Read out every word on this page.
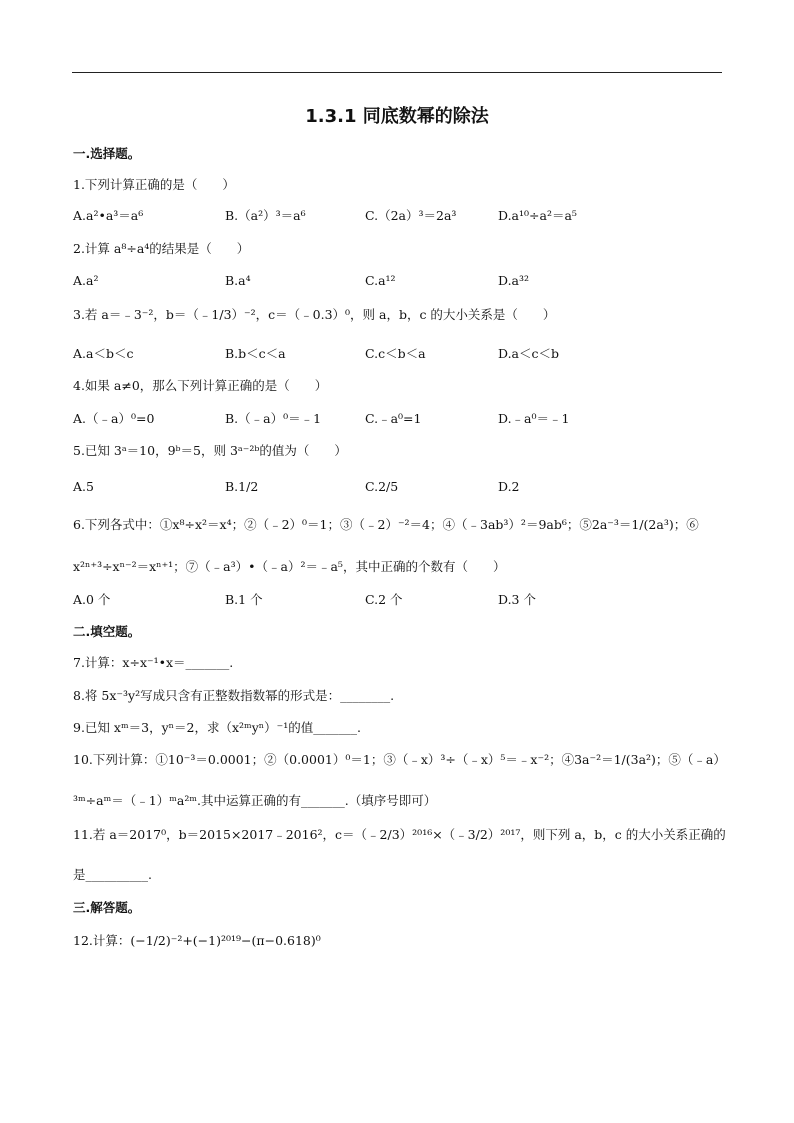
1.3.1 同底数幂的除法
一.选择题。
1.下列计算正确的是（　　）
A.a²•a³＝a⁶	B.（a²）³＝a⁶	C.（2a）³＝2a³	D.a¹⁰÷a²＝a⁵
2.计算 a⁸÷a⁴的结果是（　　）
A.a²	B.a⁴	C.a¹²	D.a³²
3.若 a＝﹣3⁻²，b＝（﹣1/3）⁻²，c＝（﹣0.3）⁰，则 a，b，c 的大小关系是（　　）
A.a＜b＜c	B.b＜c＜a	C.c＜b＜a	D.a＜c＜b
4.如果 a≠0，那么下列计算正确的是（　　）
A.（﹣a）⁰=0	B.（﹣a）⁰＝﹣1	C.﹣a⁰=1	D.﹣a⁰＝﹣1
5.已知 3ᵃ＝10，9ᵇ＝5，则 3ᵃ⁻²ᵇ的值为（　　）
A.5	B.1/2	C.2/5	D.2
6.下列各式中：①x⁸÷x²＝x⁴；②（﹣2）⁰＝1；③（﹣2）⁻²＝4；④（﹣3ab³）²＝9ab⁶；⑤2a⁻³＝1/(2a³)；⑥
x²ⁿ⁺³÷xⁿ⁻²＝xⁿ⁺¹；⑦（﹣a³）•（﹣a）²＝﹣a⁵，其中正确的个数有（　　）
A.0 个	B.1 个	C.2 个	D.3 个
二.填空题。
7.计算：x÷x⁻¹•x＝_______.
8.将 5x⁻³y²写成只含有正整数指数幂的形式是：________.
9.已知 xᵐ＝3，yⁿ＝2，求（x²ᵐyⁿ）⁻¹的值_______.
10.下列计算：①10⁻³＝0.0001；②（0.0001）⁰＝1；③（﹣x）³÷（﹣x）⁵＝﹣x⁻²；④3a⁻²＝1/(3a²)；⑤（﹣a）
³ᵐ÷aᵐ＝（﹣1）ᵐa²ᵐ.其中运算正确的有_______.（填序号即可）
11.若 a＝2017⁰，b＝2015×2017﹣2016²，c＝（﹣2/3）²⁰¹⁶×（﹣3/2）²⁰¹⁷，则下列 a，b，c 的大小关系正确的
是__________.
三.解答题。
12.计算：(−1/2)⁻²+(−1)²⁰¹⁹−(π−0.618)⁰
